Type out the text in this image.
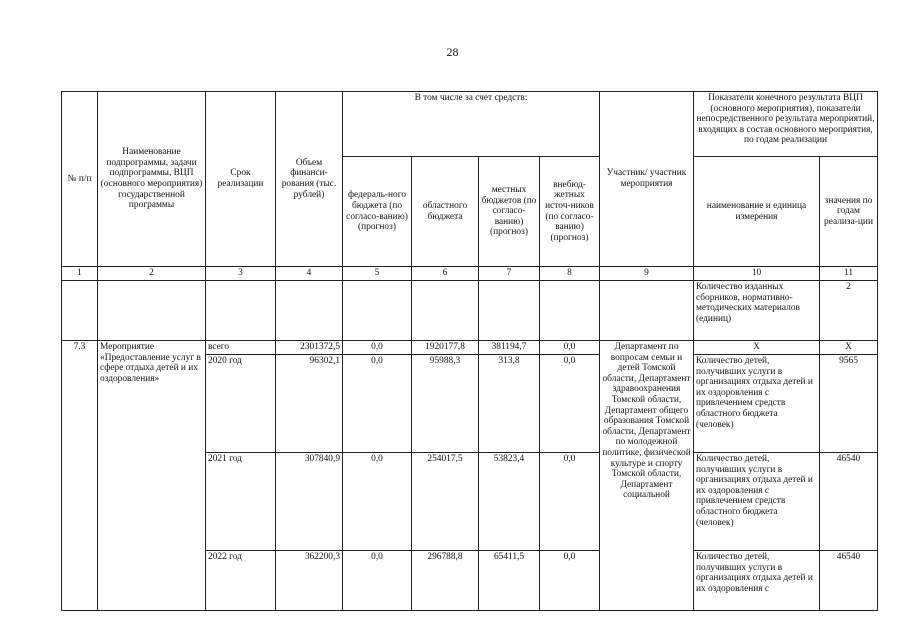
28
№ п/п	Наименование подпрограммы, задачи подпрограммы, ВЦП (основного мероприятия) государственной программы	Срок реализации	Объем финанси-рования (тыс. рублей)	В том числе за счет средств:				Участник/ участник мероприятия	Показатели конечного результата ВЦП (основного мероприятия), показатели непосредственного результата мероприятий, входящих в состав основного мероприятия, по годам реализации	
				федераль-ного бюджета (по согласо-ванию) (прогноз)	областного бюджета	местных бюджетов (по согласо-ванию) (прогноз)	внебюд-жетных источ-ников (по согласо-ванию) (прогноз)		наименование и единица измерения	значения по годам реализа-ции
1	2	3	4	5	6	7	8	9	10	11
									Количество изданных сборников, нормативно-методических материалов (единиц)	2
7.3	Мероприятие «Предоставление услуг в сфере отдыха детей и их оздоровления»	всего	2301372,5	0,0	1920177,8	381194,7	0,0	Департамент по вопросам семьи и детей Томской области, Департамент здравоохранения Томской области, Департамент общего образования Томской области, Департамент по молодежной политике, физической культуре и спорту Томской области, Департамент социальной	X	X
		2020 год	96302,1	0,0	95988,3	313,8	0,0		Количество детей, получивших услуги в организациях отдыха детей и их оздоровления с привлечением средств областного бюджета (человек)	9565
		2021 год	307840,9	0,0	254017,5	53823,4	0,0		Количество детей, получивших услуги в организациях отдыха детей и их оздоровления с привлечением средств областного бюджета (человек)	46540
		2022 год	362200,3	0,0	296788,8	65411,5	0,0		Количество детей, получивших услуги в организациях отдыха детей и их оздоровления с	46540
